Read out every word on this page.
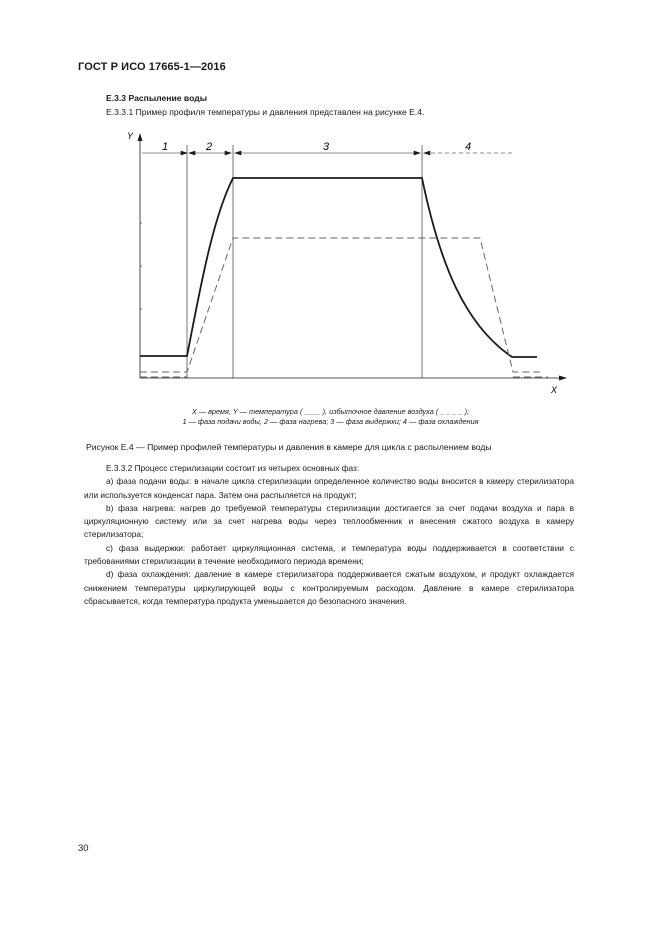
ГОСТ Р ИСО 17665-1—2016
Е.3.3 Распыление воды
Е.3.3.1 Пример профиля температуры и давления представлен на рисунке Е.4.
Y
X
1	2	3	4
X — время, Y — температура ( ____ ), избыточное давление воздуха ( _ _ _ _ );
1 — фаза подачи воды, 2 — фаза нагрева; 3 — фаза выдержки; 4 — фаза охлаждения
Рисунок Е.4 — Пример профилей температуры и давления в камере для цикла с распылением воды

Е.3.3.2 Процесс стерилизации состоит из четырех основных фаз:

а) фаза подачи воды: в начале цикла стерилизации определенное количество воды вносится в камеру стерилизатора или используется конденсат пара. Затем она распыляется на продукт;

b) фаза нагрева: нагрев до требуемой температуры стерилизации достигается за счет подачи воздуха и пара в циркуляционную систему или за счет нагрева воды через теплообменник и внесения сжатого воздуха в камеру стерилизатора;

c) фаза выдержки: работает циркуляционная система, и температура воды поддерживается в соответствии с требованиями стерилизации в течение необходимого периода времени;

d) фаза охлаждения: давление в камере стерилизатора поддерживается сжатым воздухом, и продукт охлаждается снижением температуры циркулирующей воды с контролируемым расходом. Давление в камере стерилизатора сбрасывается, когда температура продукта уменьшается до безопасного значения.

30
